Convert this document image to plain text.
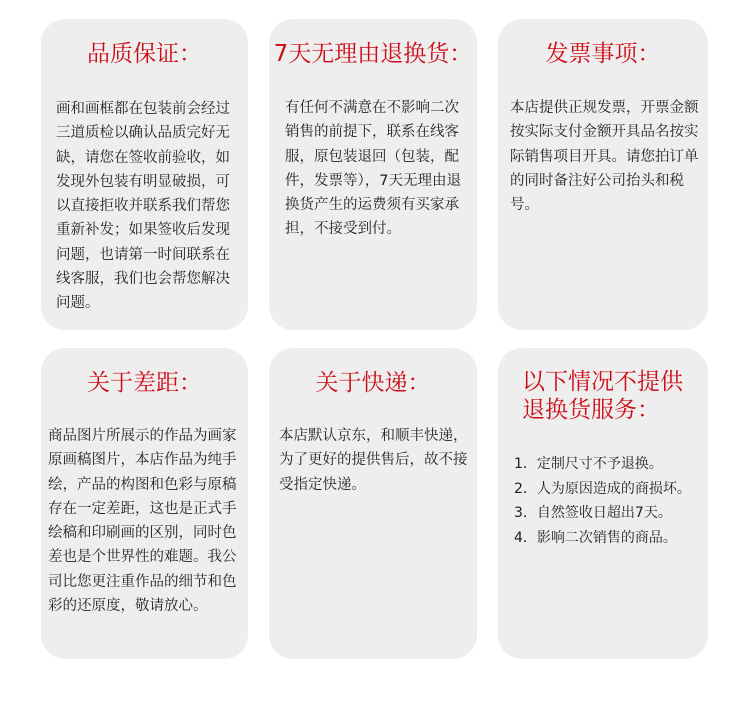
品质保证：
画和画框都在包装前会经过三道质检以确认品质完好无缺，请您在签收前验收，如发现外包装有明显破损，可以直接拒收并联系我们帮您重新补发；如果签收后发现问题，也请第一时间联系在线客服，我们也会帮您解决问题。
7天无理由退换货：
有任何不满意在不影响二次销售的前提下，联系在线客服，原包装退回（包装，配件，发票等），7天无理由退换货产生的运费须有买家承担，不接受到付。
发票事项：
本店提供正规发票，开票金额按实际支付金额开具品名按实际销售项目开具。请您拍订单的同时备注好公司抬头和税号。
关于差距：
商品图片所展示的作品为画家原画稿图片，本店作品为纯手绘，产品的构图和色彩与原稿存在一定差距，这也是正式手绘稿和印刷画的区别，同时色差也是个世界性的难题。我公司比您更注重作品的细节和色彩的还原度，敬请放心。
关于快递：
本店默认京东，和顺丰快递，为了更好的提供售后，故不接受指定快递。
以下情况不提供退换货服务：
1．定制尺寸不予退换。
2．人为原因造成的商损坏。
3．自然签收日超出7天。
4．影响二次销售的商品。
